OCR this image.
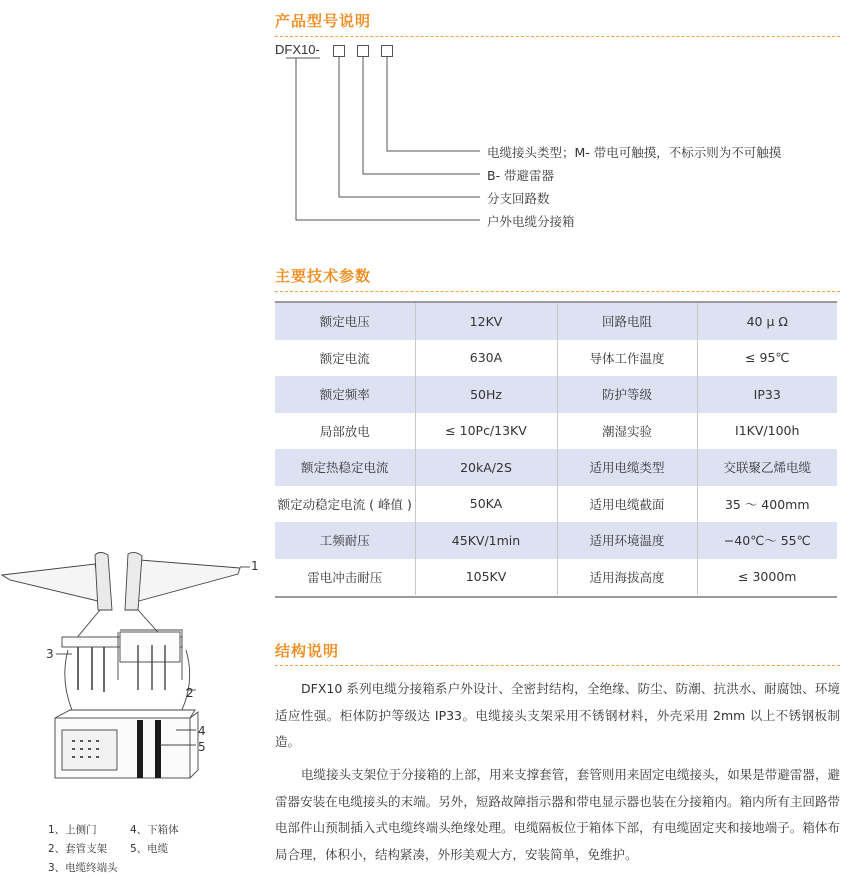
产品型号说明
DFX10-
电缆接头类型；M- 带电可触摸，不标示则为不可触摸
B- 带避雷器
分支回路数
户外电缆分接箱
主要技术参数
额定电压	12KV	回路电阻	40 μ Ω
额定电流	630A	导体工作温度	≤ 95℃
额定频率	50Hz	防护等级	IP33
局部放电	≤ 10Pc/13KV	潮湿实验	I1KV/100h
额定热稳定电流	20kA/2S	适用电缆类型	交联聚乙烯电缆
额定动稳定电流 ( 峰值 )	50KA	适用电缆截面	35 ～ 400mm
工频耐压	45KV/1min	适用环境温度	−40℃～ 55℃
雷电冲击耐压	105KV	适用海拔高度	≤ 3000m
结构说明
DFX10 系列电缆分接箱系户外设计、全密封结构，全绝缘、防尘、防潮、抗洪水、耐腐蚀、环境适应性强。柜体防护等级达 IP33。电缆接头支架采用不锈钢材料，外壳采用 2mm 以上不锈钢板制造。
电缆接头支架位于分接箱的上部，用来支撑套管，套管则用来固定电缆接头，如果是带避雷器，避雷器安装在电缆接头的末端。另外，短路故障指示器和带电显示器也装在分接箱内。箱内所有主回路带电部件山预制插入式电缆终端头绝缘处理。电缆隔板位于箱体下部，有电缆固定夹和接地端子。箱体布局合理，体积小，结构紧凑，外形美观大方，安装简单，免维护。
1
2
3
4
5
1、上侧门	4、下箱体
2、套管支架 5、电缆
3、电缆终端头
